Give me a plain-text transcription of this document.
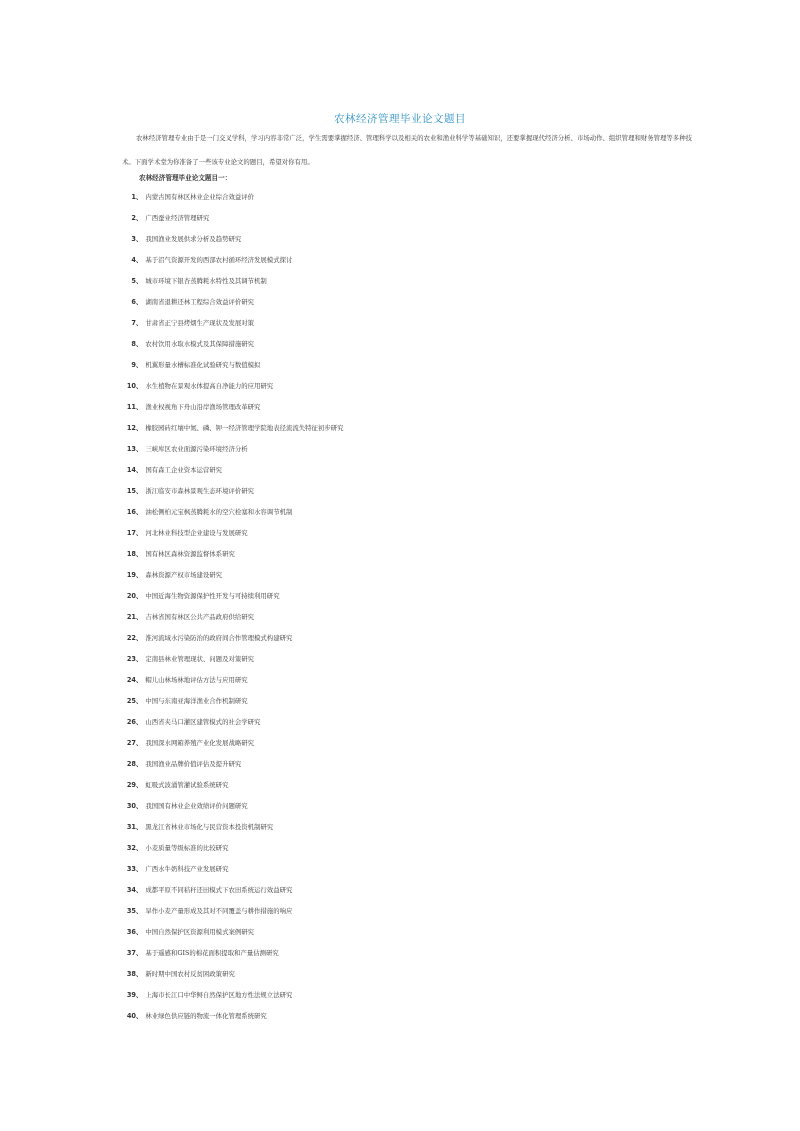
农林经济管理毕业论文题目

农林经济管理专业由于是一门交叉学科，学习内容非常广泛，学生需要掌握经济、管理科学以及相关的农业和渔业科学等基础知识，还要掌握现代经济分析、市场动作、组织管理和财务管理等多种技术。下面学术堂为你准备了一些该专业论文的题目，希望对你有用。

农林经济管理毕业论文题目一：
1、 内蒙古国有林区林业企业综合效益评价
2、 广西蚕业经济管理研究
3、 我国渔业发展供求分析及趋势研究
4、 基于沼气资源开发的西部农村循环经济发展模式探讨
5、 城市环境下银杏蒸腾耗水特性及其调节机制
6、 湖南省退耕还林工程综合效益评价研究
7、 甘肃省正宁县烤烟生产现状及发展对策
8、 农村饮用水取水模式及其保障措施研究
9、 机翼形量水槽标准化试验研究与数值模拟
10、 水生植物在景观水体提高自净能力的应用研究
11、 渔业权视角下舟山沿岸渔场管理改革研究
12、 橡胶园砖红壤中氮、磷、钾一经济管理学院地表径流流失特征初步研究
13、 三峡库区农业面源污染环境经济分析
14、 国有森工企业资本运营研究
15、 浙江临安市森林景观生态环境评价研究
16、 油松侧柏元宝枫蒸腾耗水的空穴栓塞和水容调节机制
17、 河北林业科技型企业建设与发展研究
18、 国有林区森林资源监督体系研究
19、 森林资源产权市场建设研究
20、 中国近海生物资源保护性开发与可持续利用研究
21、 吉林省国有林区公共产品政府供给研究
22、 淮河流域水污染防治的政府间合作管理模式构建研究
23、 定南县林业管理现状、问题及对策研究
24、 帽儿山林场林地评估方法与应用研究
25、 中国与东南亚海洋渔业合作机制研究
26、 山西省夹马口灌区建管模式的社会学研究
27、 我国深水网箱养殖产业化发展战略研究
28、 我国渔业品牌价值评估及提升研究
29、 虹吸式波涌管灌试验系统研究
30、 我国国有林业企业效绩评价问题研究
31、 黑龙江省林业市场化与民营资本投资机制研究
32、 小麦质量等级标准的比较研究
33、 广西水牛奶科技产业发展研究
34、 成都平原不同秸秆还田模式下农田系统运行效益研究
35、 旱作小麦产量形成及其对不同覆盖与耕作措施的响应
36、 中国自然保护区资源利用模式案例研究
37、 基于遥感和GIS的棉花面积提取和产量估测研究
38、 新时期中国农村反贫困政策研究
39、 上海市长江口中华鲟自然保护区地方性法规立法研究
40、 林业绿色供应链的物流一体化管理系统研究
